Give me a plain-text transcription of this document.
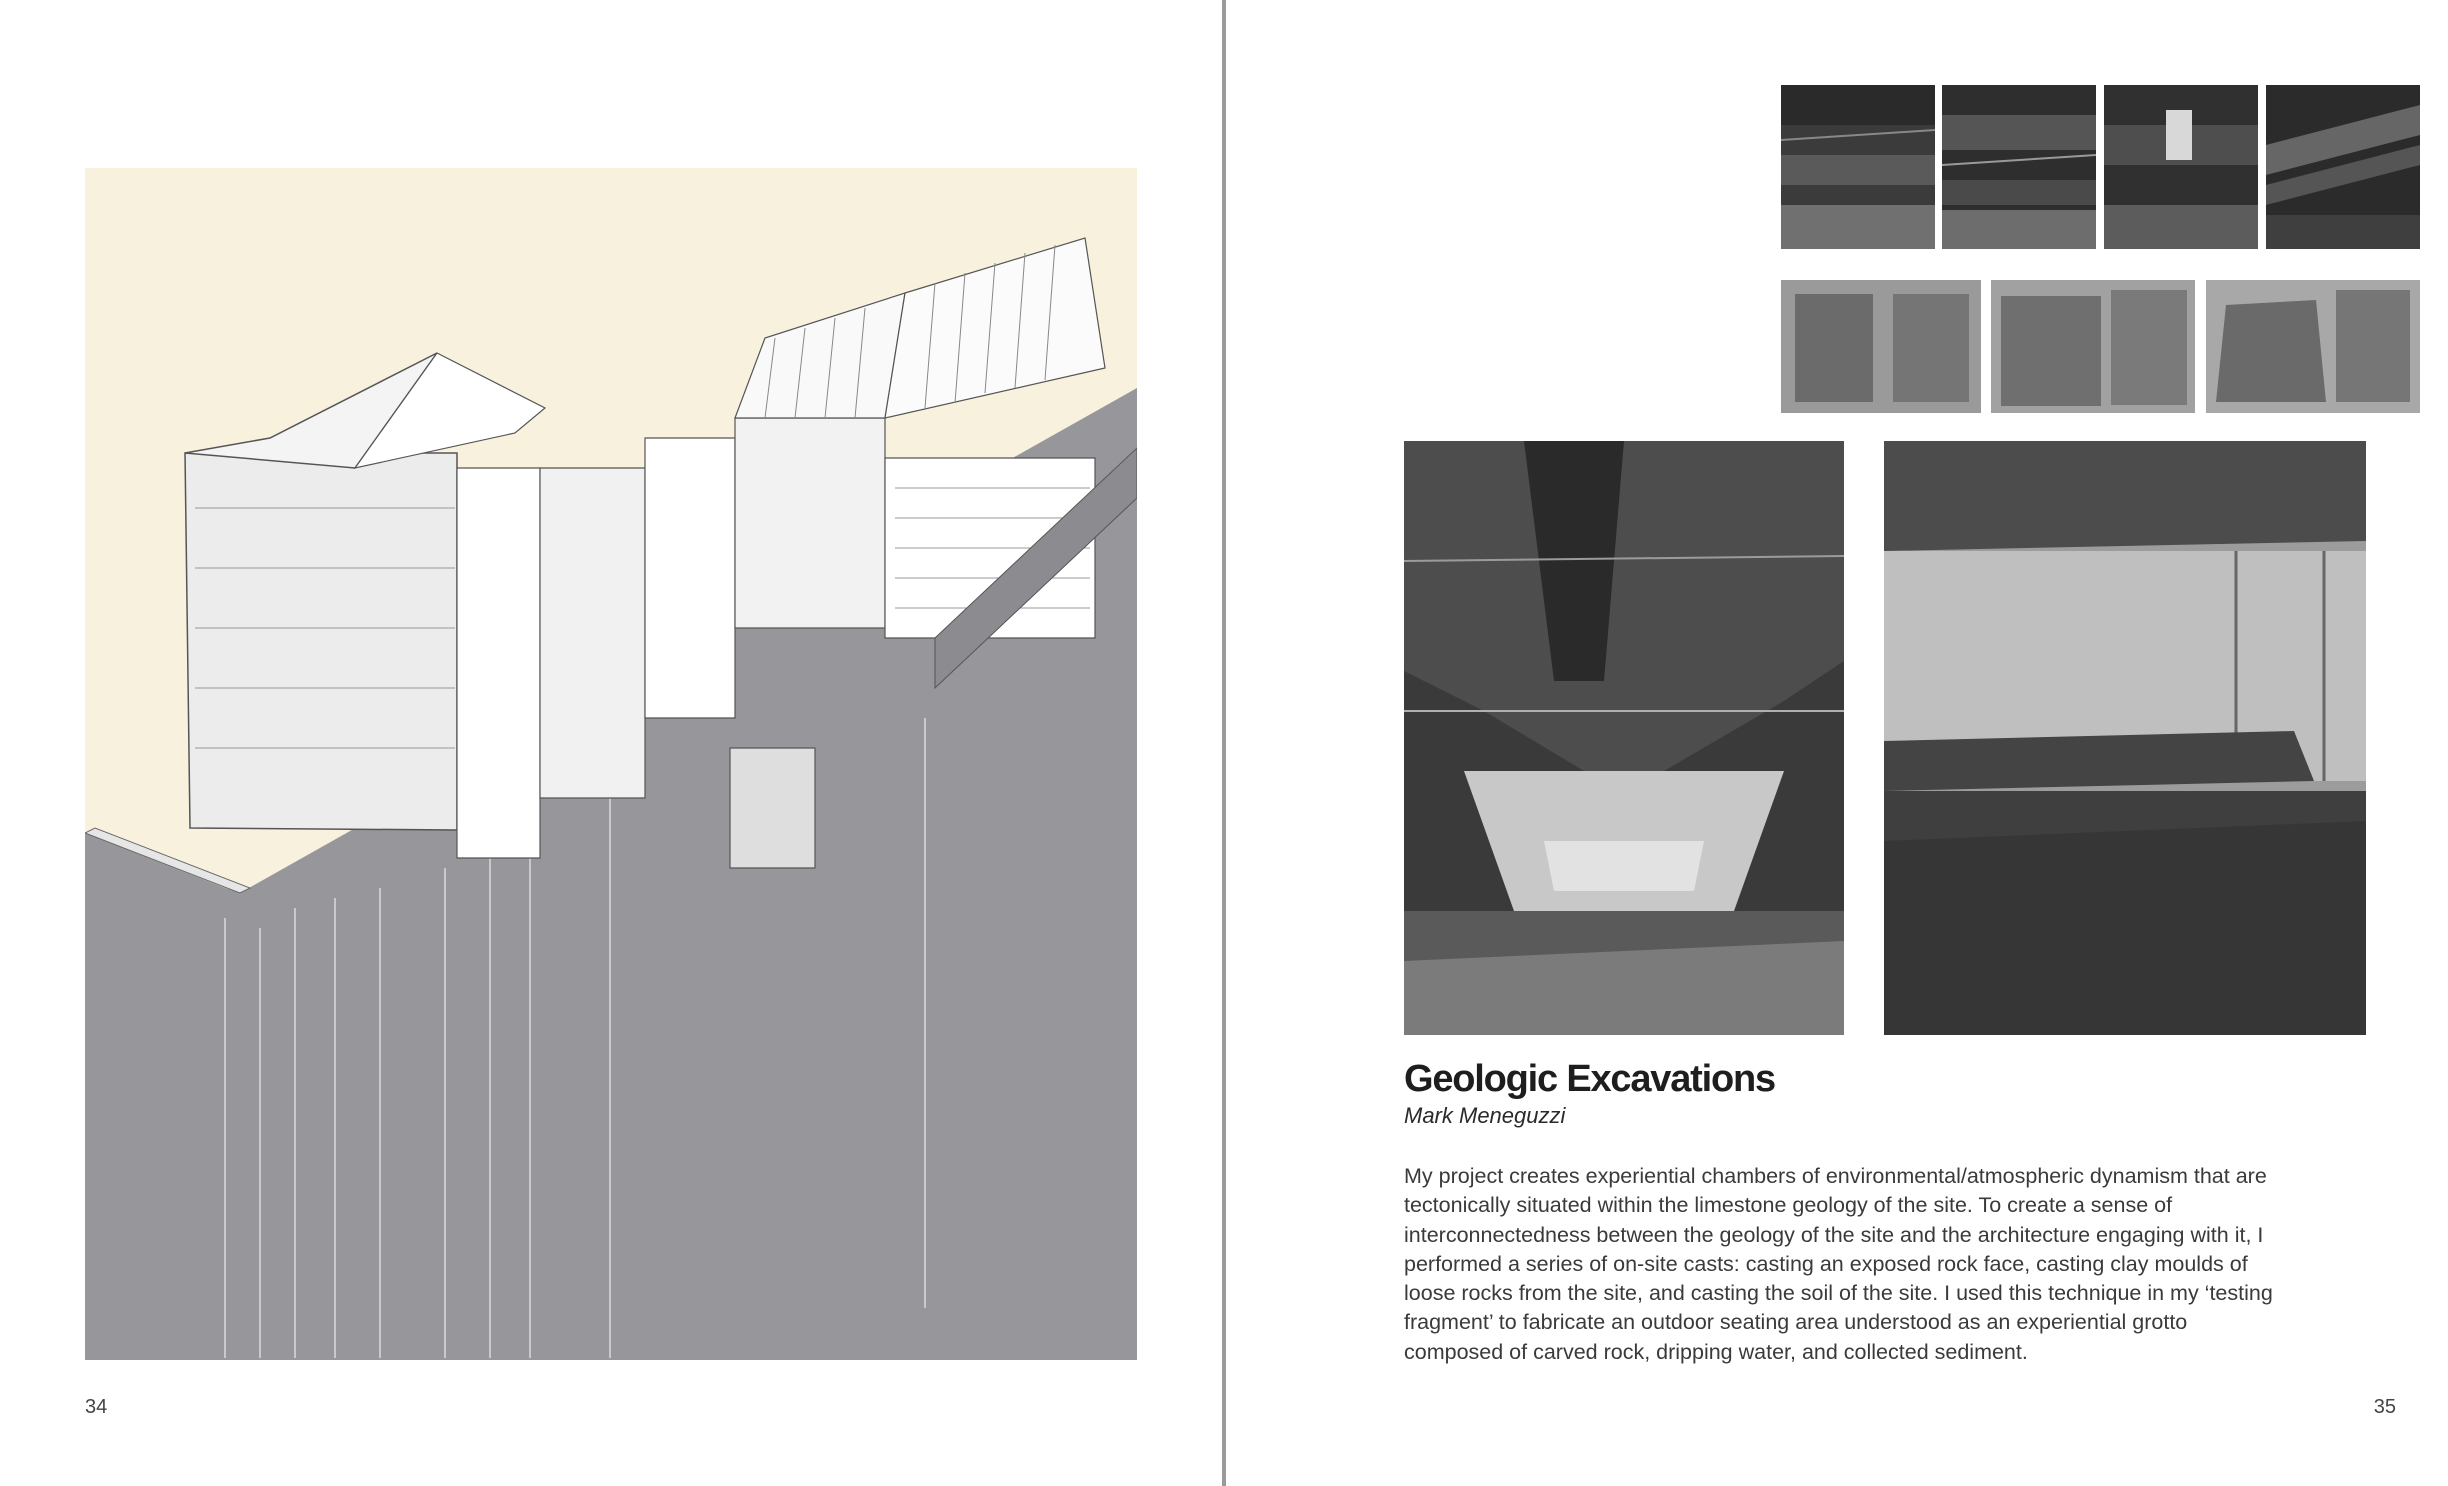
34
Geologic Excavations
Mark Meneguzzi
My project creates experiential chambers of environmental/atmospheric dynamism that are tectonically situated within the limestone geology of the site. To create a sense of interconnectedness between the geology of the site and the architecture engaging with it, I performed a series of on-site casts: casting an exposed rock face, casting clay moulds of loose rocks from the site, and casting the soil of the site. I used this technique in my ‘testing fragment’ to fabricate an outdoor seating area understood as an experiential grotto composed of carved rock, dripping water, and collected sediment.
35
